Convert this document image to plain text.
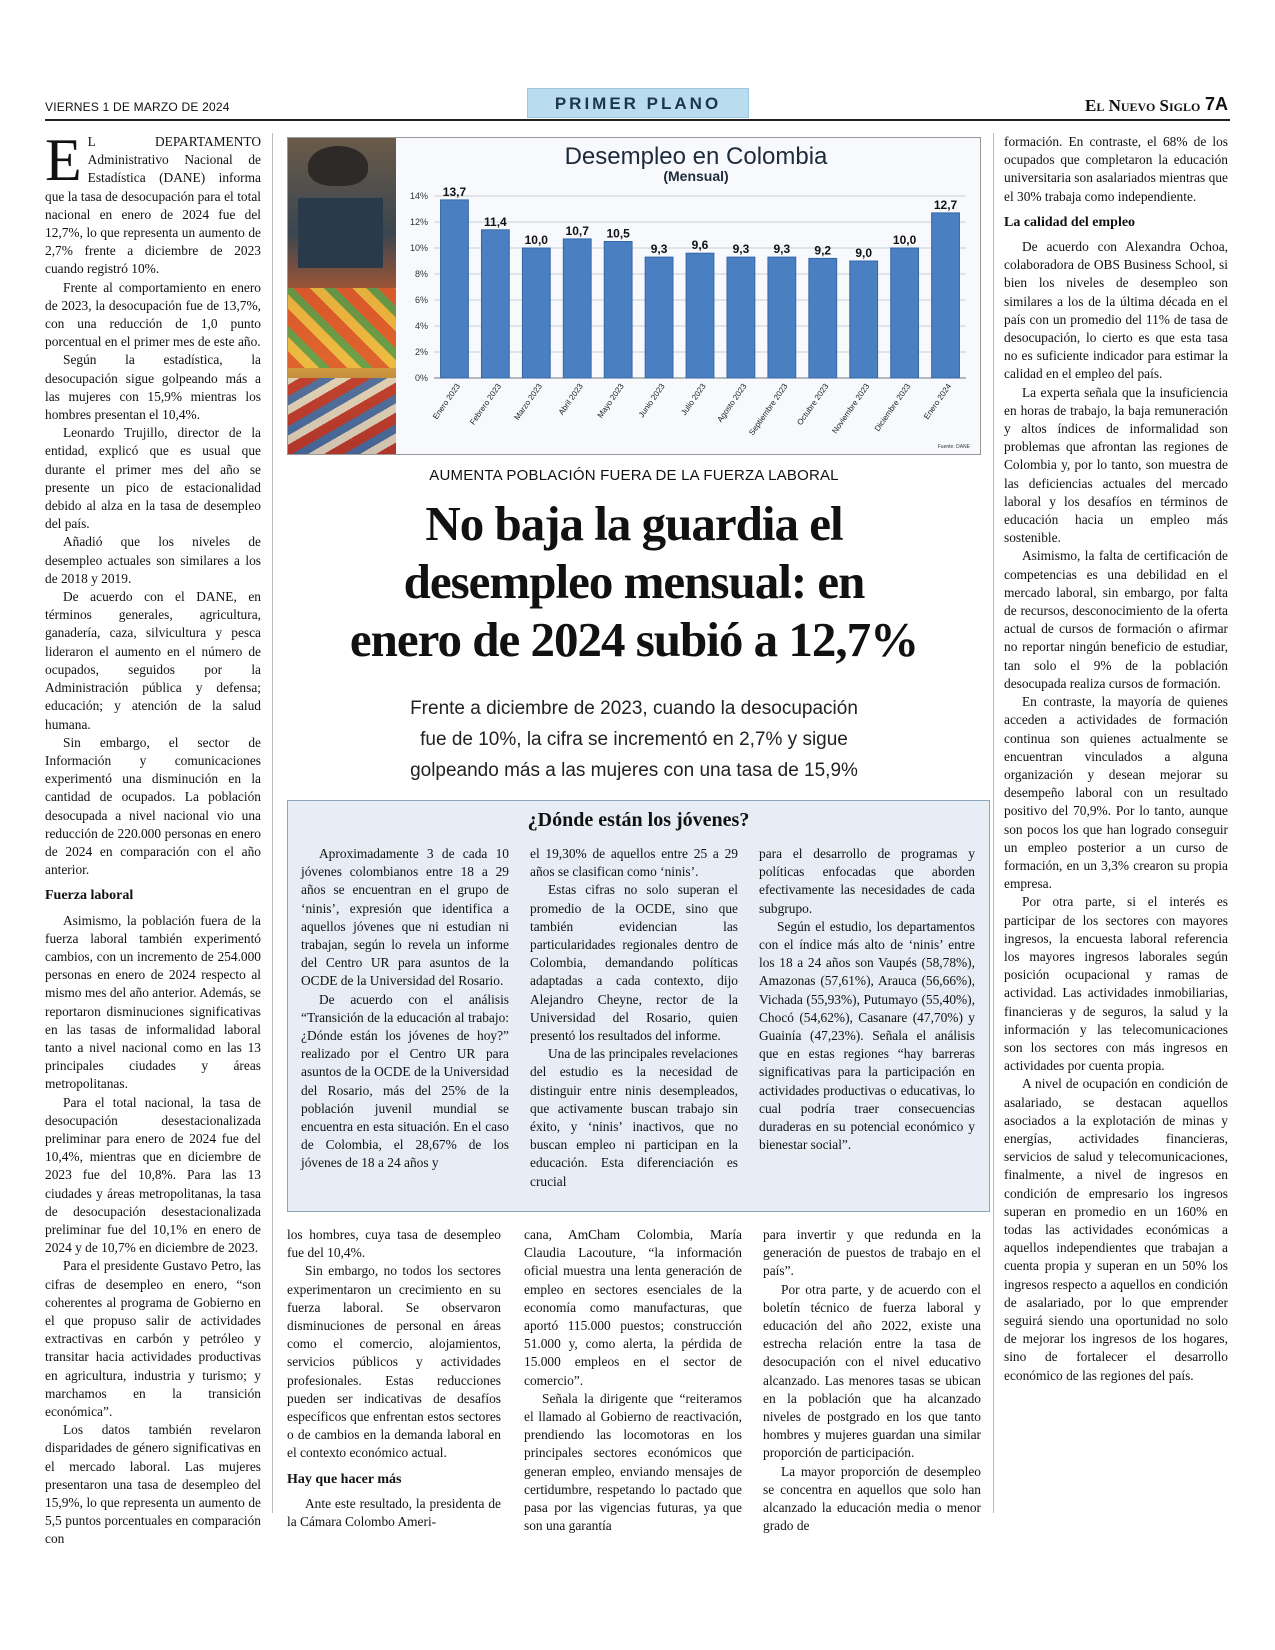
VIERNES 1 DE MARZO DE 2024	PRIMER PLANO	El Nuevo Siglo 7A

E L DEPARTAMENTO Administrativo Nacional de Estadística (DANE) informa que la tasa de desocupación para el total nacional en enero de 2024 fue del 12,7%, lo que representa un aumento de 2,7% frente a diciembre de 2023 cuando registró 10%.

Frente al comportamiento en enero de 2023, la desocupación fue de 13,7%, con una reducción de 1,0 punto porcentual en el primer mes de este año.

Según la estadística, la desocupación sigue golpeando más a las mujeres con 15,9% mientras los hombres presentan el 10,4%.

Leonardo Trujillo, director de la entidad, explicó que es usual que durante el primer mes del año se presente un pico de estacionalidad debido al alza en la tasa de desempleo del país.

Añadió que los niveles de desempleo actuales son similares a los de 2018 y 2019.

De acuerdo con el DANE, en términos generales, agricultura, ganadería, caza, silvicultura y pesca lideraron el aumento en el número de ocupados, seguidos por la Administración pública y defensa; educación; y atención de la salud humana.

Sin embargo, el sector de Información y comunicaciones experimentó una disminución en la cantidad de ocupados. La población desocupada a nivel nacional vio una reducción de 220.000 personas en enero de 2024 en comparación con el año anterior.

Fuerza laboral

Asimismo, la población fuera de la fuerza laboral también experimentó cambios, con un incremento de 254.000 personas en enero de 2024 respecto al mismo mes del año anterior. Además, se reportaron disminuciones significativas en las tasas de informalidad laboral tanto a nivel nacional como en las 13 principales ciudades y áreas metropolitanas.

Para el total nacional, la tasa de desocupación desestacionalizada preliminar para enero de 2024 fue del 10,4%, mientras que en diciembre de 2023 fue del 10,8%. Para las 13 ciudades y áreas metropolitanas, la tasa de desocupación desestacionalizada preliminar fue del 10,1% en enero de 2024 y de 10,7% en diciembre de 2023.

Para el presidente Gustavo Petro, las cifras de desempleo en enero, “son coherentes al programa de Gobierno en el que propuso salir de actividades extractivas en carbón y petróleo y transitar hacia actividades productivas en agricultura, industria y turismo; y marchamos en la transición económica”.

Los datos también revelaron disparidades de género significativas en el mercado laboral. Las mujeres presentaron una tasa de desempleo del 15,9%, lo que representa un aumento de 5,5 puntos porcentuales en comparación con

Desempleo en Colombia
(Mensual)
0%
2%
4%
6%
8%
10%
12%
14% 13,7
Enero 2023
11,4
Febrero 2023
10,0
Marzo 2023
10,7
Abril 2023
10,5
Mayo 2023
9,3
Junio 2023
9,6
Julio 2023
9,3
Agosto 2023
9,3
Septiembre 2023
9,2
Octubre 2023
9,0
Noviembre 2023
10,0
Diciembre 2023
12,7
Enero 2024
Fuente: DANE
AUMENTA POBLACIÓN FUERA DE LA FUERZA LABORAL
No baja la guardia el
desempleo mensual: en
enero de 2024 subió a 12,7%
Frente a diciembre de 2023, cuando la desocupación
fue de 10%, la cifra se incrementó en 2,7% y sigue
golpeando más a las mujeres con una tasa de 15,9%
¿Dónde están los jóvenes?

Aproximadamente 3 de cada 10 jóvenes colombianos entre 18 a 29 años se encuentran en el grupo de ‘ninis’, expresión que identifica a aquellos jóvenes que ni estudian ni trabajan, según lo revela un informe del Centro UR para asuntos de la OCDE de la Universidad del Rosario.

De acuerdo con el análisis “Transición de la educación al trabajo: ¿Dónde están los jóvenes de hoy?” realizado por el Centro UR para asuntos de la OCDE de la Universidad del Rosario, más del 25% de la población juvenil mundial se encuentra en esta situación. En el caso de Colombia, el 28,67% de los jóvenes de 18 a 24 años y

el 19,30% de aquellos entre 25 a 29 años se clasifican como ‘ninis’.

Estas cifras no solo superan el promedio de la OCDE, sino que también evidencian las particularidades regionales dentro de Colombia, demandando políticas adaptadas a cada contexto, dijo Alejandro Cheyne, rector de la Universidad del Rosario, quien presentó los resultados del informe.

Una de las principales revelaciones del estudio es la necesidad de distinguir entre ninis desempleados, que activamente buscan trabajo sin éxito, y ‘ninis’ inactivos, que no buscan empleo ni participan en la educación. Esta diferenciación es crucial

para el desarrollo de programas y políticas enfocadas que aborden efectivamente las necesidades de cada subgrupo.

Según el estudio, los departamentos con el índice más alto de ‘ninis’ entre los 18 a 24 años son Vaupés (58,78%), Amazonas (57,61%), Arauca (56,66%), Vichada (55,93%), Putumayo (55,40%), Chocó (54,62%), Casanare (47,70%) y Guainía (47,23%). Señala el análisis que en estas regiones “hay barreras significativas para la participación en actividades productivas o educativas, lo cual podría traer consecuencias duraderas en su potencial económico y bienestar social”.

los hombres, cuya tasa de desempleo fue del 10,4%.

Sin embargo, no todos los sectores experimentaron un crecimiento en su fuerza laboral. Se observaron disminuciones de personal en áreas como el comercio, alojamientos, servicios públicos y actividades profesionales. Estas reducciones pueden ser indicativas de desafíos específicos que enfrentan estos sectores o de cambios en la demanda laboral en el contexto económico actual.

Hay que hacer más

Ante este resultado, la presidenta de la Cámara Colombo Ameri-

cana, AmCham Colombia, María Claudia Lacouture, “la información oficial muestra una lenta generación de empleo en sectores esenciales de la economía como manufacturas, que aportó 115.000 puestos; construcción 51.000 y, como alerta, la pérdida de 15.000 empleos en el sector de comercio”.

Señala la dirigente que “reiteramos el llamado al Gobierno de reactivación, prendiendo las locomotoras en los principales sectores económicos que generan empleo, enviando mensajes de certidumbre, respetando lo pactado que pasa por las vigencias futuras, ya que son una garantía

para invertir y que redunda en la generación de puestos de trabajo en el país”.

Por otra parte, y de acuerdo con el boletín técnico de fuerza laboral y educación del año 2022, existe una estrecha relación entre la tasa de desocupación con el nivel educativo alcanzado. Las menores tasas se ubican en la población que ha alcanzado niveles de postgrado en los que tanto hombres y mujeres guardan una similar proporción de participación.

La mayor proporción de desempleo se concentra en aquellos que solo han alcanzado la educación media o menor grado de

formación. En contraste, el 68% de los ocupados que completaron la educación universitaria son asalariados mientras que el 30% trabaja como independiente.

La calidad del empleo

De acuerdo con Alexandra Ochoa, colaboradora de OBS Business School, si bien los niveles de desempleo son similares a los de la última década en el país con un promedio del 11% de tasa de desocupación, lo cierto es que esta tasa no es suficiente indicador para estimar la calidad en el empleo del país.

La experta señala que la insuficiencia en horas de trabajo, la baja remuneración y altos índices de informalidad son problemas que afrontan las regiones de Colombia y, por lo tanto, son muestra de las deficiencias actuales del mercado laboral y los desafíos en términos de educación hacia un empleo más sostenible.

Asimismo, la falta de certificación de competencias es una debilidad en el mercado laboral, sin embargo, por falta de recursos, desconocimiento de la oferta actual de cursos de formación o afirmar no reportar ningún beneficio de estudiar, tan solo el 9% de la población desocupada realiza cursos de formación.

En contraste, la mayoría de quienes acceden a actividades de formación continua son quienes actualmente se encuentran vinculados a alguna organización y desean mejorar su desempeño laboral con un resultado positivo del 70,9%. Por lo tanto, aunque son pocos los que han logrado conseguir un empleo posterior a un curso de formación, en un 3,3% crearon su propia empresa.

Por otra parte, si el interés es participar de los sectores con mayores ingresos, la encuesta laboral referencia los mayores ingresos laborales según posición ocupacional y ramas de actividad. Las actividades inmobiliarias, financieras y de seguros, la salud y la información y las telecomunicaciones son los sectores con más ingresos en actividades por cuenta propia.

A nivel de ocupación en condición de asalariado, se destacan aquellos asociados a la explotación de minas y energías, actividades financieras, servicios de salud y telecomunicaciones, finalmente, a nivel de ingresos en condición de empresario los ingresos superan en promedio en un 160% en todas las actividades económicas a aquellos independientes que trabajan a cuenta propia y superan en un 50% los ingresos respecto a aquellos en condición de asalariado, por lo que emprender seguirá siendo una oportunidad no solo de mejorar los ingresos de los hogares, sino de fortalecer el desarrollo económico de las regiones del país.
